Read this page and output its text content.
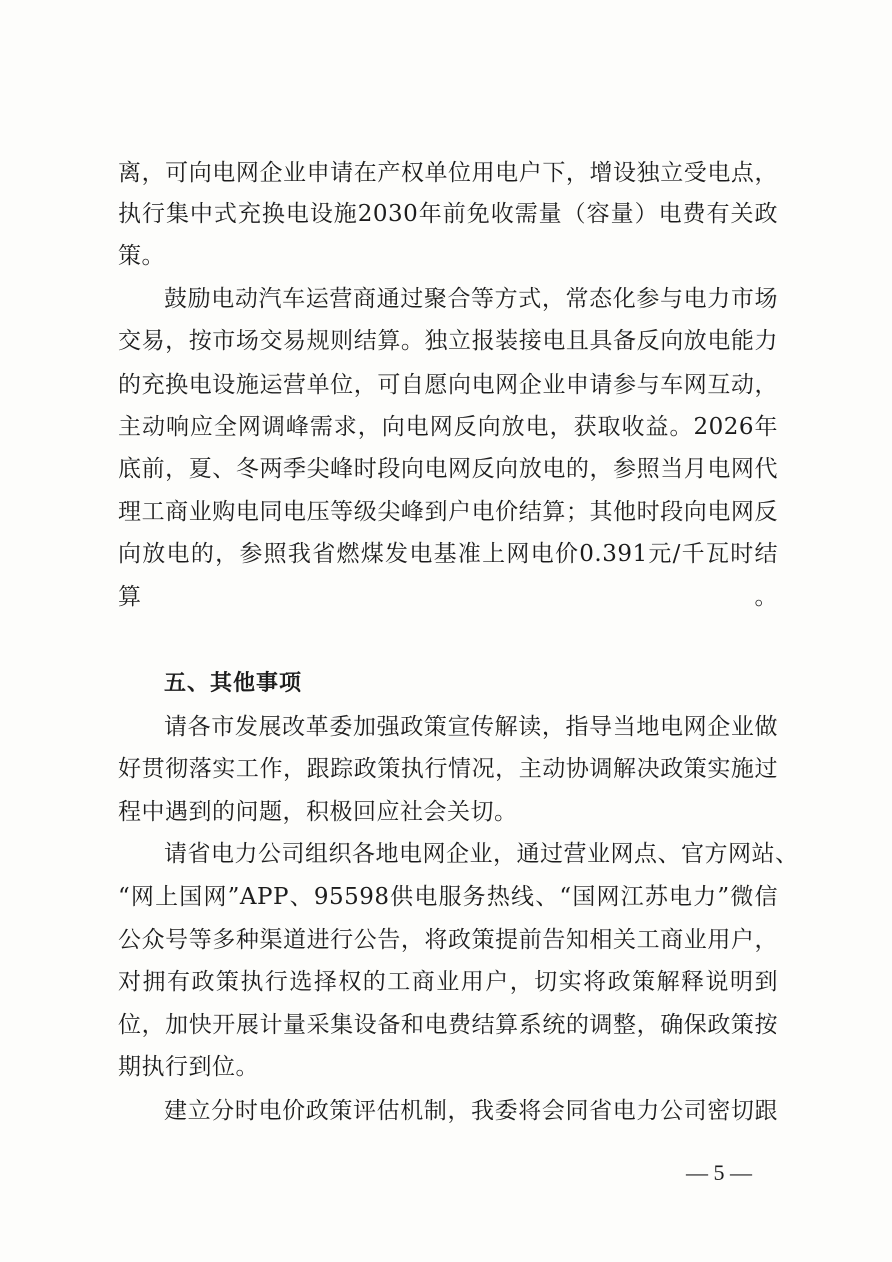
离，可向电网企业申请在产权单位用电户下，增设独立受电点，
执行集中式充换电设施2030年前免收需量（容量）电费有关政
策。
鼓励电动汽车运营商通过聚合等方式，常态化参与电力市场
交易，按市场交易规则结算。独立报装接电且具备反向放电能力
的充换电设施运营单位，可自愿向电网企业申请参与车网互动，
主动响应全网调峰需求，向电网反向放电，获取收益。2026年
底前，夏、冬两季尖峰时段向电网反向放电的，参照当月电网代
理工商业购电同电压等级尖峰到户电价结算；其他时段向电网反
向放电的，参照我省燃煤发电基准上网电价0.391元/千瓦时结
算。
五、其他事项
请各市发展改革委加强政策宣传解读，指导当地电网企业做
好贯彻落实工作，跟踪政策执行情况，主动协调解决政策实施过
程中遇到的问题，积极回应社会关切。
请省电力公司组织各地电网企业，通过营业网点、官方网站、
“网上国网”APP、95598供电服务热线、“国网江苏电力”微信
公众号等多种渠道进行公告，将政策提前告知相关工商业用户，
对拥有政策执行选择权的工商业用户，切实将政策解释说明到
位，加快开展计量采集设备和电费结算系统的调整，确保政策按
期执行到位。
建立分时电价政策评估机制，我委将会同省电力公司密切跟
— 5 —
